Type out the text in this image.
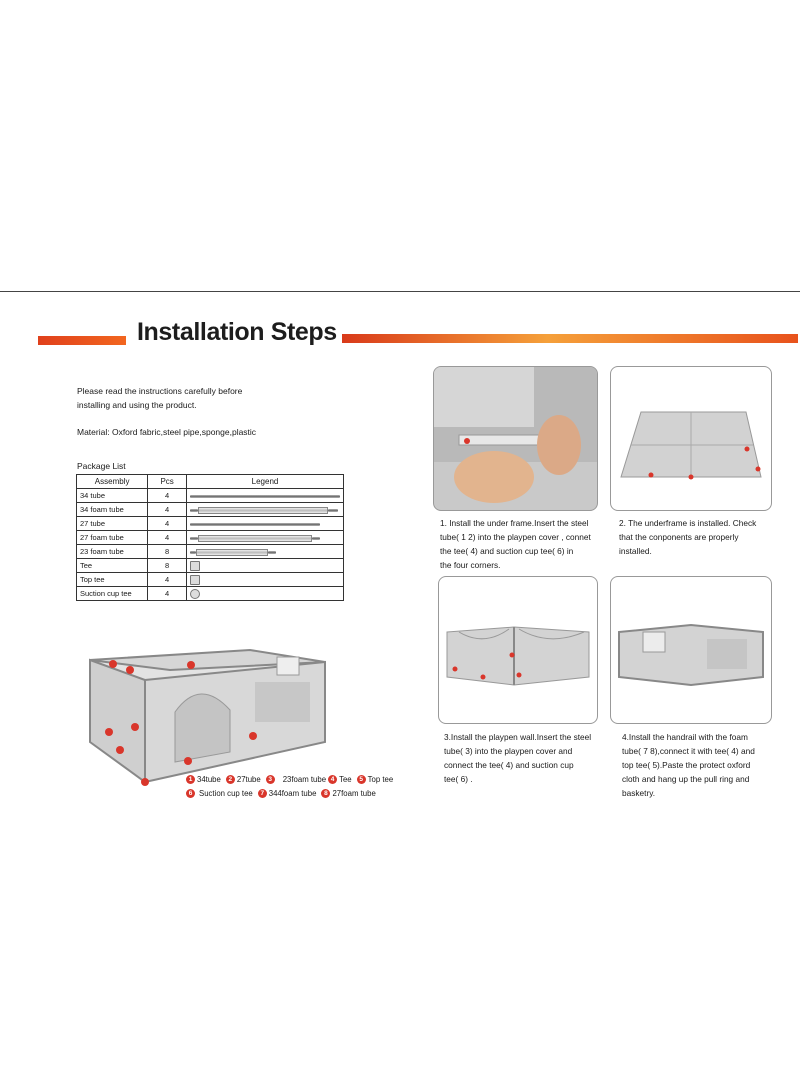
Installation Steps
Please read the instructions carefully before
installing and using the product.
Material: Oxford fabric,steel pipe,sponge,plastic
Package List
Assembly	Pcs	Legend
34 tube	4	
34 foam tube	4	
27 tube	4	
27 foam tube	4	
23 foam tube	8	
Tee	8	
Top tee	4	
Suction cup tee	4	
1 34tube	2 27tube	3	23foam tube 4 Tee	5 Top tee
6 Suction cup tee	7 344foam tube	8 27foam tube
1. Install the under frame.Insert the steel
tube( 1 2) into the playpen cover , connet
the tee( 4) and suction cup tee( 6) in
the four corners.
2. The underframe is installed. Check
that the conponents are properly
installed.
3.Install the playpen wall.Insert the steel
tube( 3) into the playpen cover and
connect the tee( 4) and suction cup
tee( 6) .
4.Install the handrail with the foam
tube( 7 8),connect it with tee( 4) and
top tee( 5).Paste the protect oxford
cloth and hang up the pull ring and
basketry.
